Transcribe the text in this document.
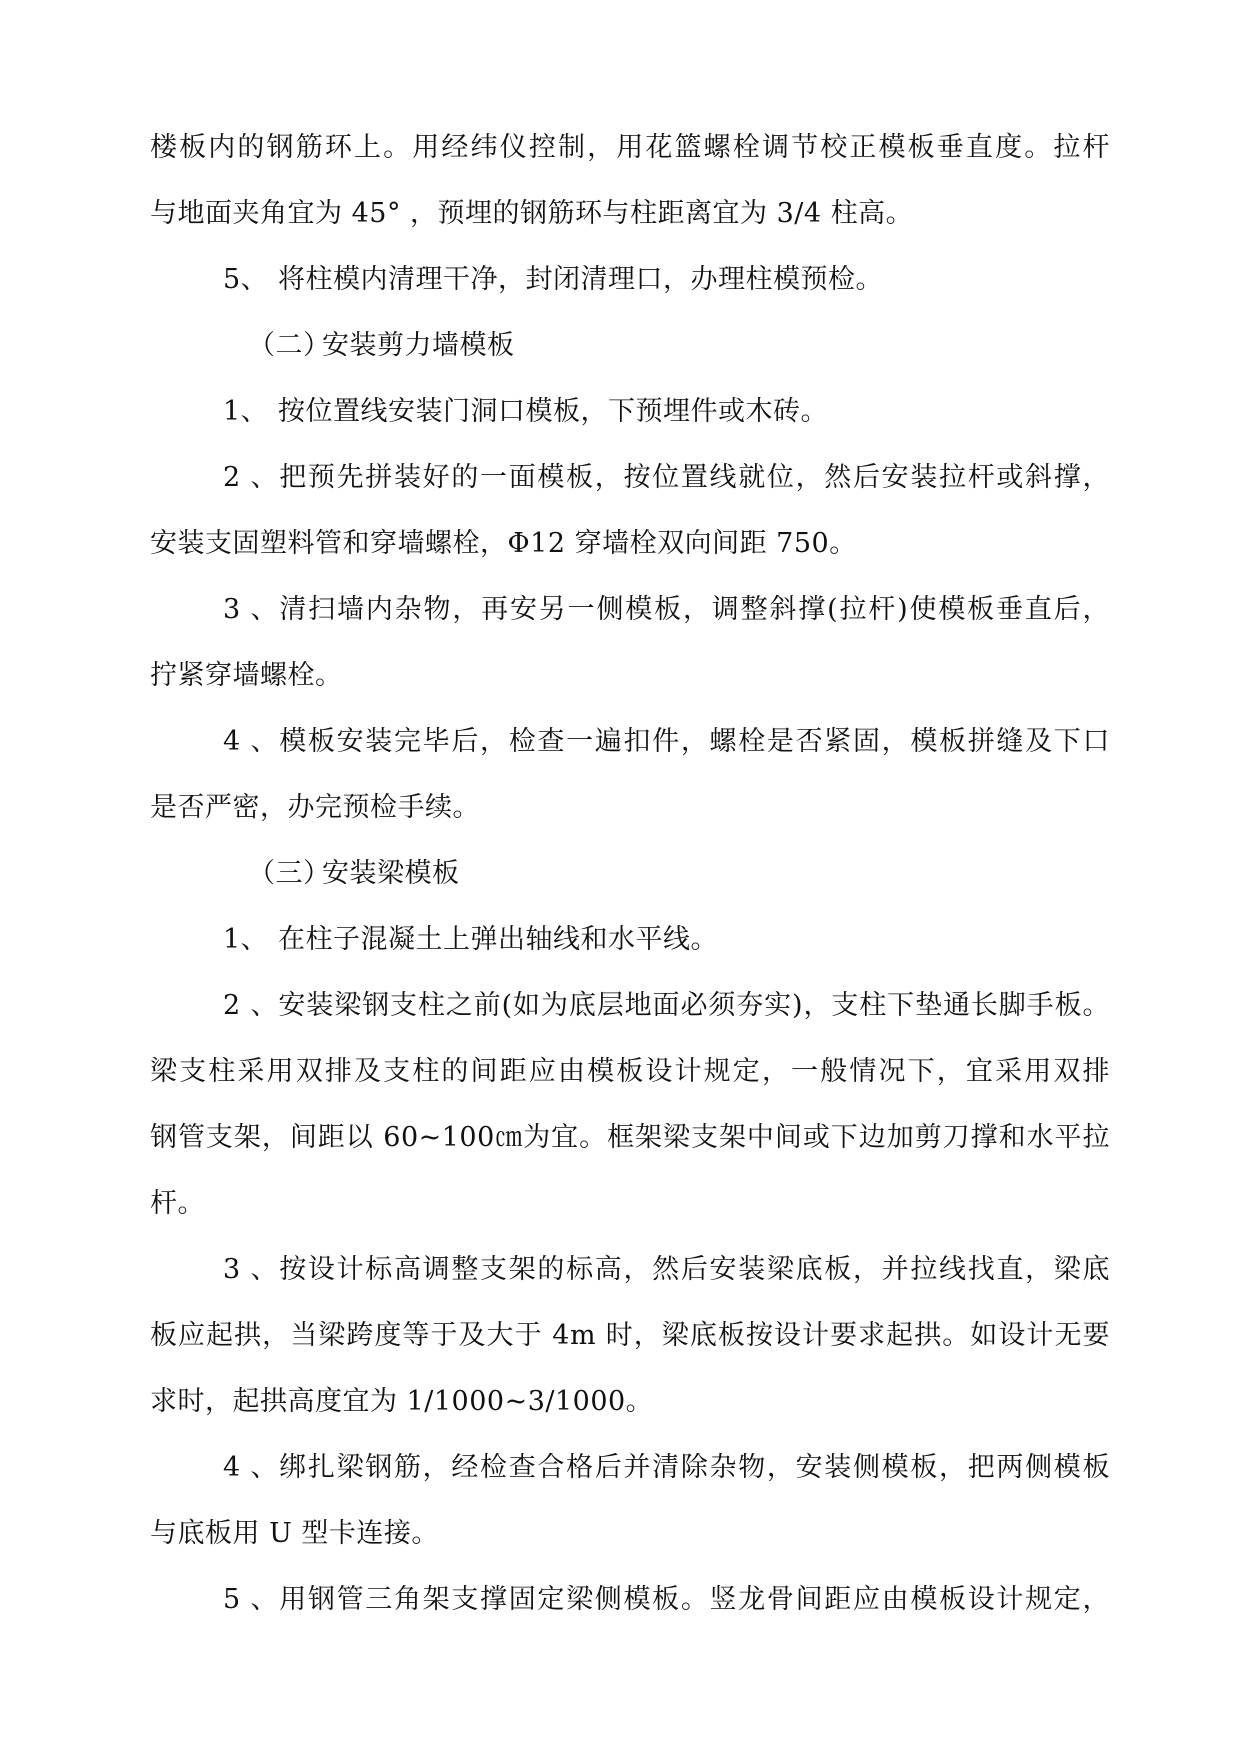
楼板内的钢筋环上。用经纬仪控制，用花篮螺栓调节校正模板垂直度。拉杆
与地面夹角宜为 45° ，预埋的钢筋环与柱距离宜为 3/4 柱高。
5、 将柱模内清理干净，封闭清理口，办理柱模预检。
（二）安装剪力墙模板
1、 按位置线安装门洞口模板，下预埋件或木砖。
2、把预先拼装好的一面模板，按位置线就位，然后安装拉杆或斜撑，
安装支固塑料管和穿墙螺栓，Φ12 穿墙栓双向间距 750。
3、清扫墙内杂物，再安另一侧模板，调整斜撑(拉杆)使模板垂直后，
拧紧穿墙螺栓。
4、模板安装完毕后，检查一遍扣件，螺栓是否紧固，模板拼缝及下口
是否严密，办完预检手续。
（三）安装梁模板
1、 在柱子混凝土上弹出轴线和水平线。
2、安装梁钢支柱之前(如为底层地面必须夯实)，支柱下垫通长脚手板。
梁支柱采用双排及支柱的间距应由模板设计规定，一般情况下，宜采用双排
钢管支架，间距以 60~100㎝为宜。框架梁支架中间或下边加剪刀撑和水平拉
杆。
3、按设计标高调整支架的标高，然后安装梁底板，并拉线找直，梁底
板应起拱，当梁跨度等于及大于 4m 时，梁底板按设计要求起拱。如设计无要
求时，起拱高度宜为 1/1000~3/1000。
4、绑扎梁钢筋，经检查合格后并清除杂物，安装侧模板，把两侧模板
与底板用 U 型卡连接。
5、用钢管三角架支撑固定梁侧模板。竖龙骨间距应由模板设计规定，
